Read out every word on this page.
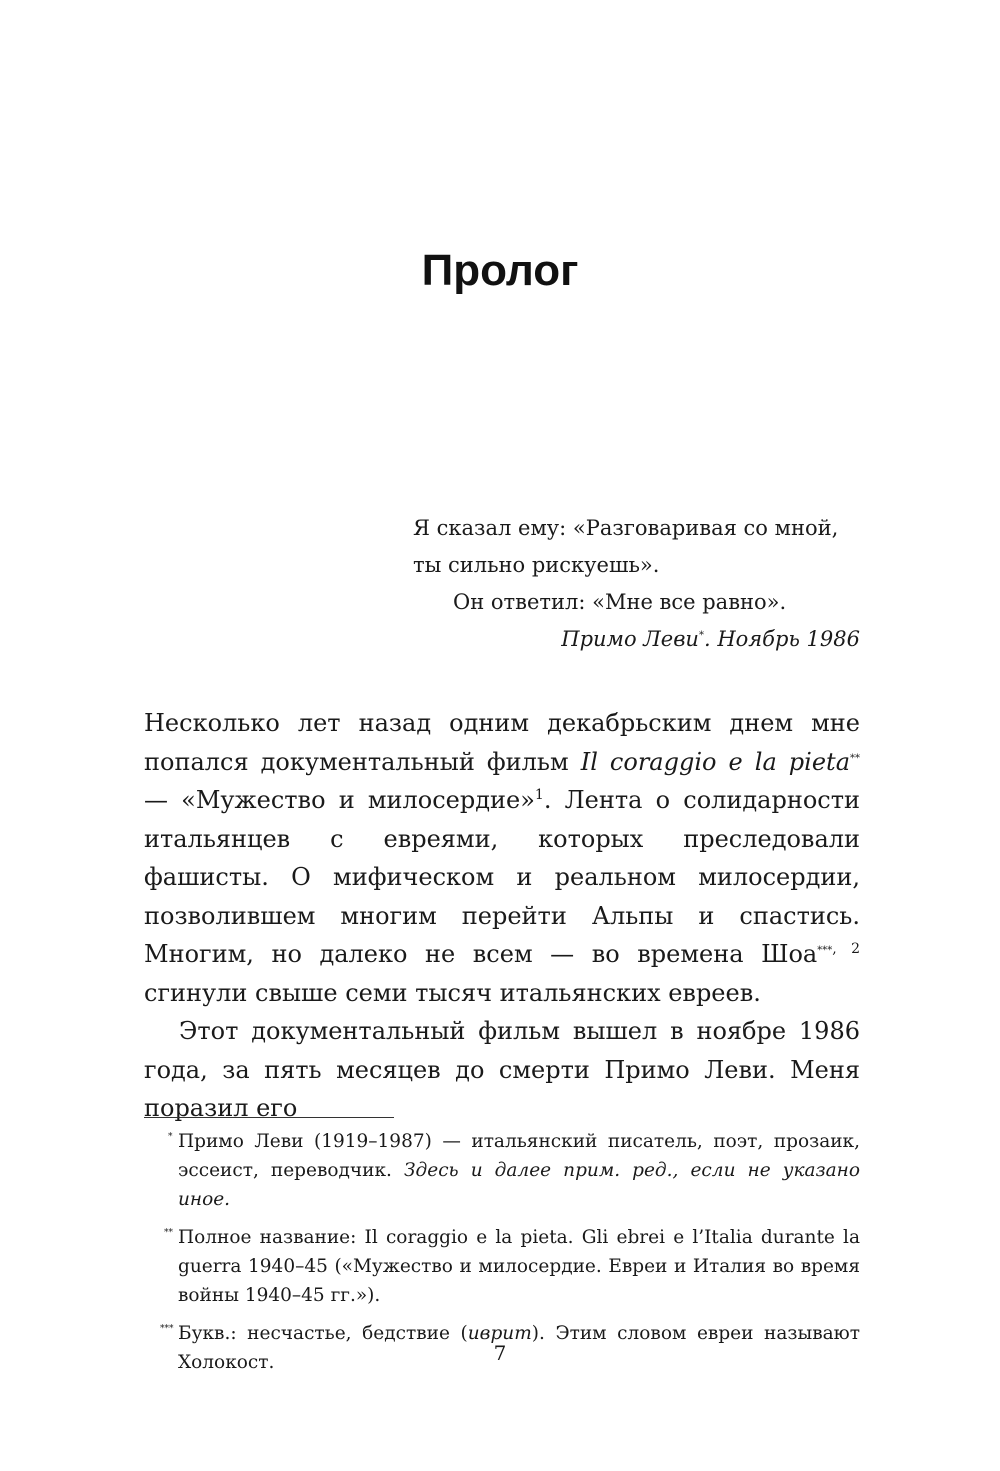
Пролог

Я сказал ему: «Разговаривая со мной, ты сильно рискуешь».

Он ответил: «Мне все равно».

Примо Леви*. Ноябрь 1986

Несколько лет назад одним декабрьским днем мне попался документальный фильм Il coraggio e la pieta** — «Мужество и милосердие»$^1$. Лента о солидарности итальянцев с евреями, которых преследовали фашисты. О мифическом и реальном милосердии, позволившем многим перейти Альпы и спастись. Многим, но далеко не всем — во времена Шоа$^{***, 2}$ сгинули свыше семи тысяч итальянских евреев.

Этот документальный фильм вышел в ноябре 1986 года, за пять месяцев до смерти Примо Леви. Меня поразил его

* Примо Леви (1919–1987) — итальянский писатель, поэт, прозаик, эссеист, переводчик. Здесь и далее прим. ред., если не указано иное.

** Полное название: Il coraggio e la pieta. Gli ebrei e l’Italia durante la guerra 1940–45 («Мужество и милосердие. Евреи и Италия во время войны 1940–45 гг.»).

*** Букв.: несчастье, бедствие (иврит). Этим словом евреи называют Холокост.	7
